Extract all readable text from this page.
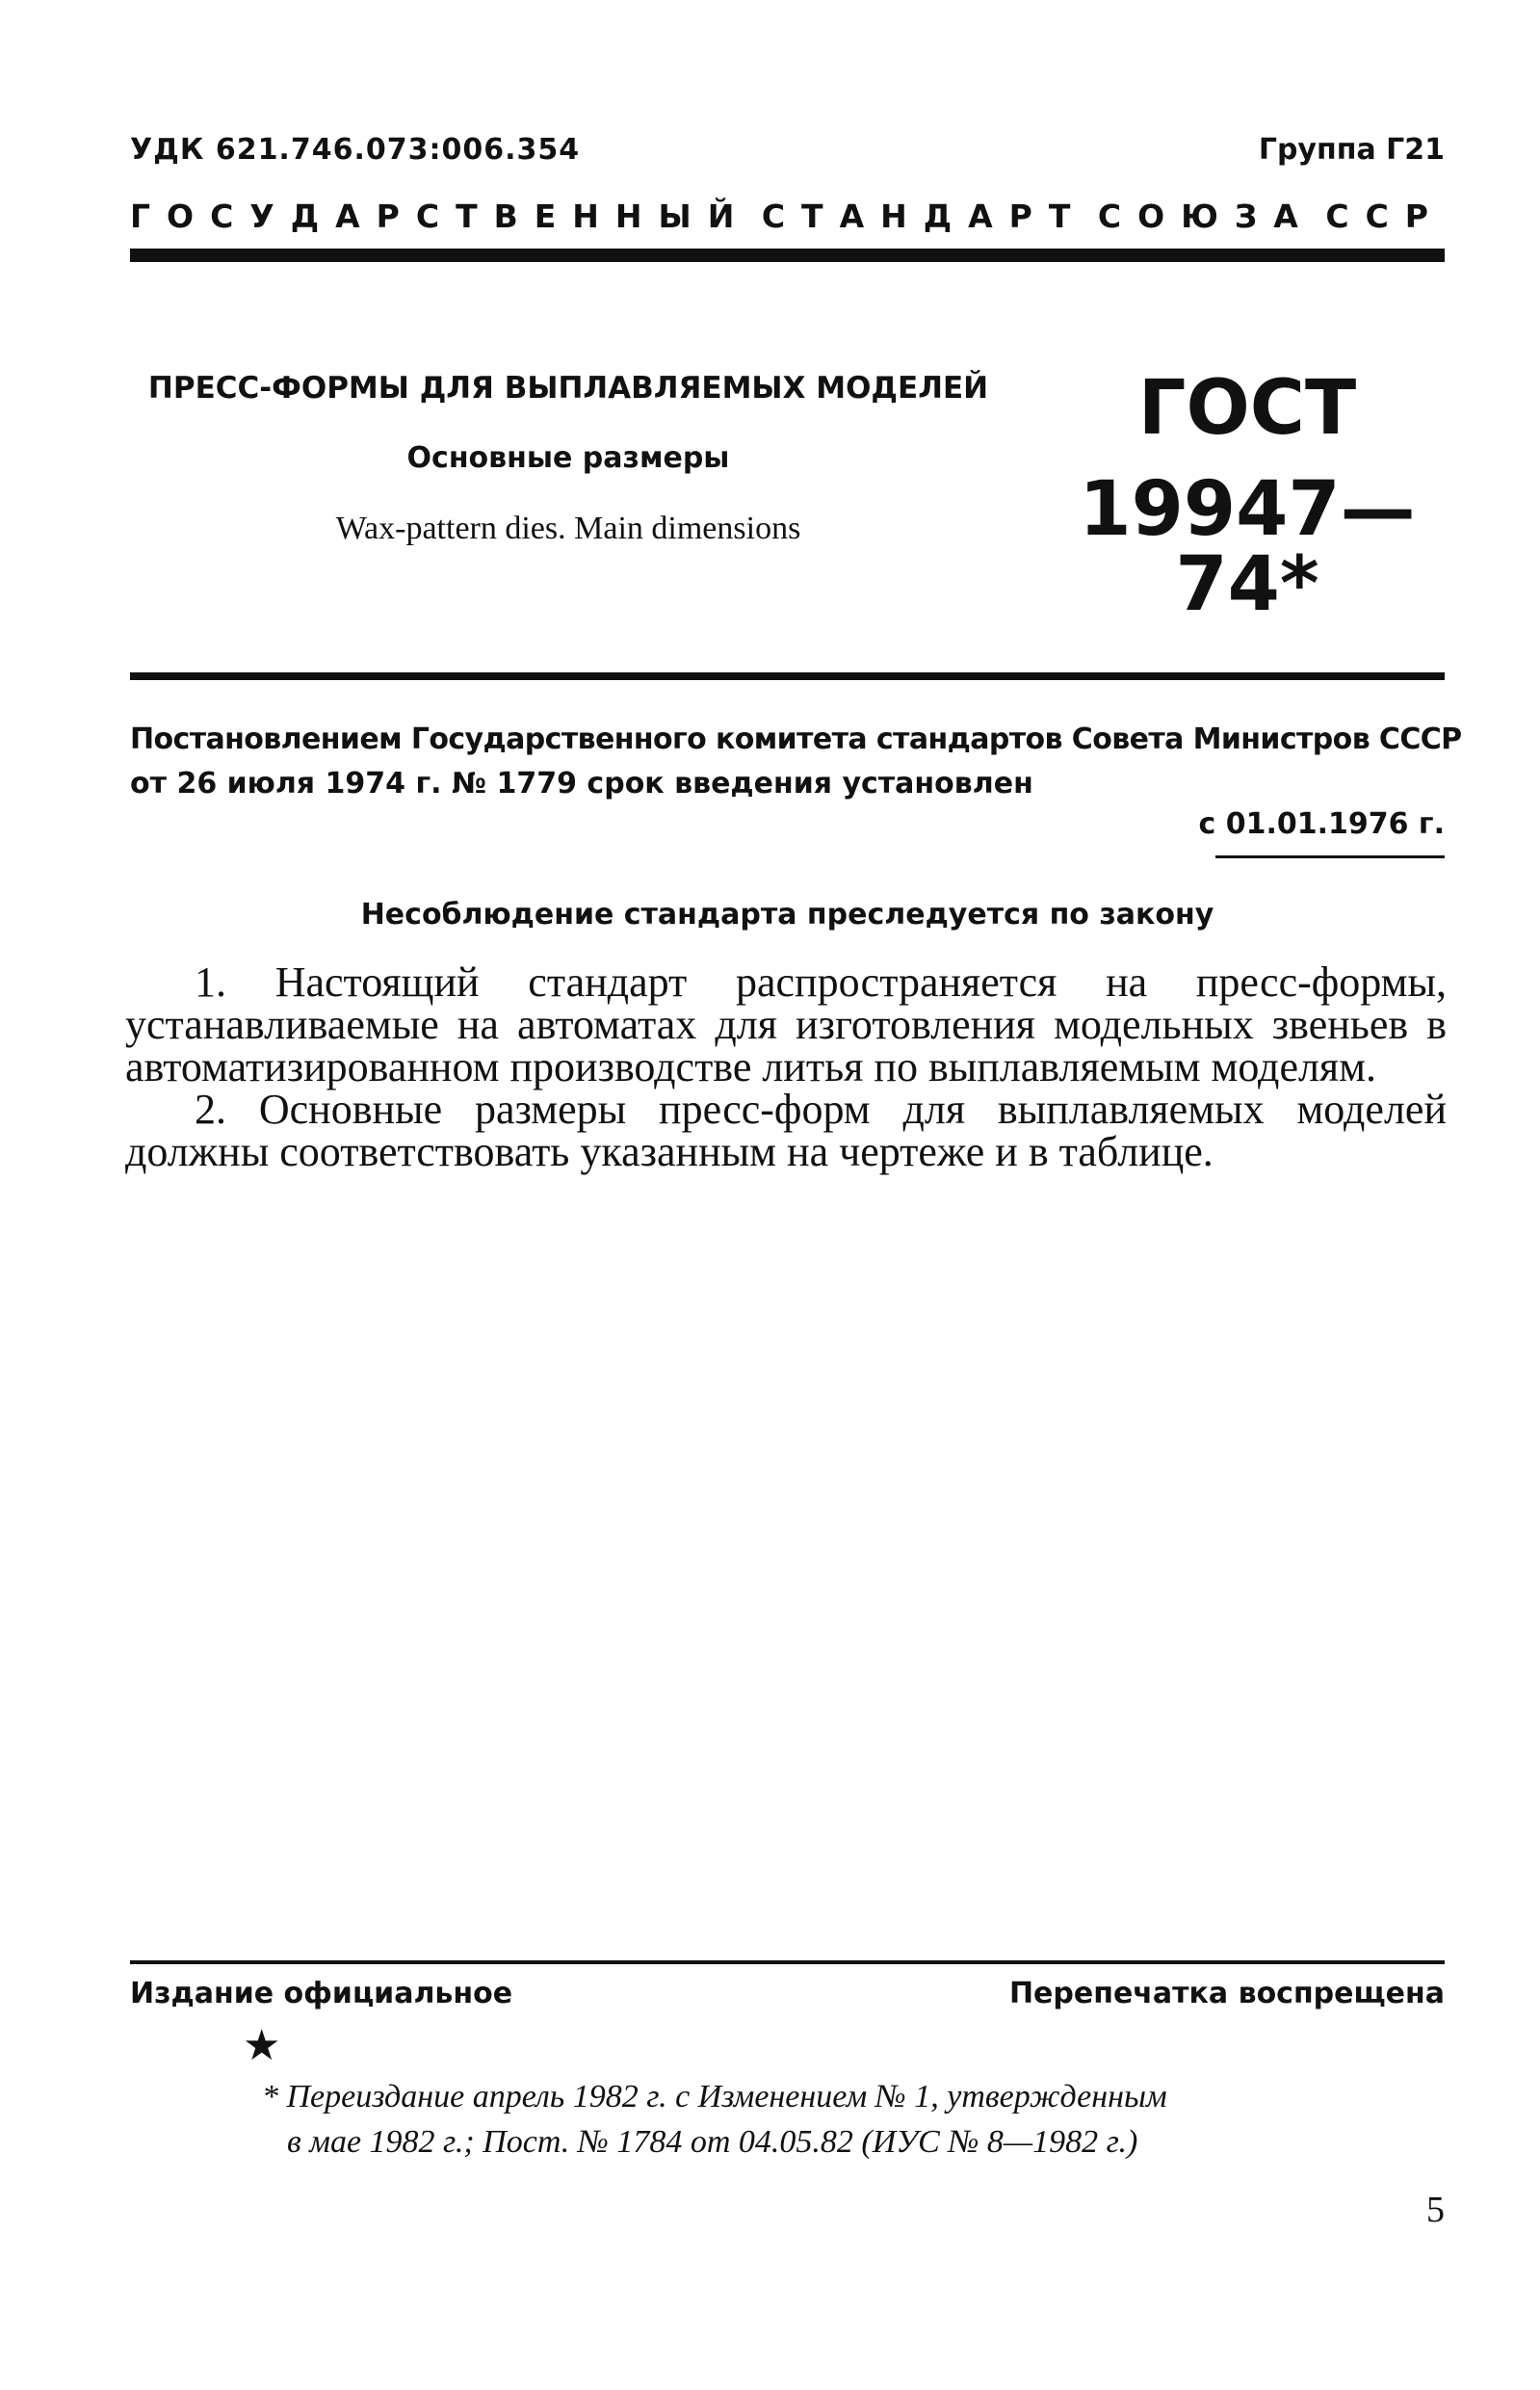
УДК 621.746.073:006.354	Группа Г21
ГОСУДАРСТВЕННЫЙ СТАНДАРТ СОЮЗА ССР
ПРЕСС-ФОРМЫ ДЛЯ ВЫПЛАВЛЯЕМЫХ МОДЕЛЕЙ
Основные размеры
Wax-pattern dies. Main dimensions
ГОСТ
19947—74*
Постановлением Государственного комитета стандартов Совета Министров СССР
от 26 июля 1974 г. № 1779 срок введения установлен
с 01.01.1976 г.
Несоблюдение стандарта преследуется по закону

1. Настоящий стандарт распространяется на пресс-формы, устанавливаемые на автоматах для изготовления модельных звеньев в автоматизированном производстве литья по выплавляемым моделям.

2. Основные размеры пресс-форм для выплавляемых моделей должны соответствовать указанным на чертеже и в таблице.

Издание официальное	Перепечатка воспрещена
★
* Переиздание апрель 1982 г. с Изменением № 1, утвержденным
в мае 1982 г.; Пост. № 1784 от 04.05.82 (ИУС № 8—1982 г.)
5
